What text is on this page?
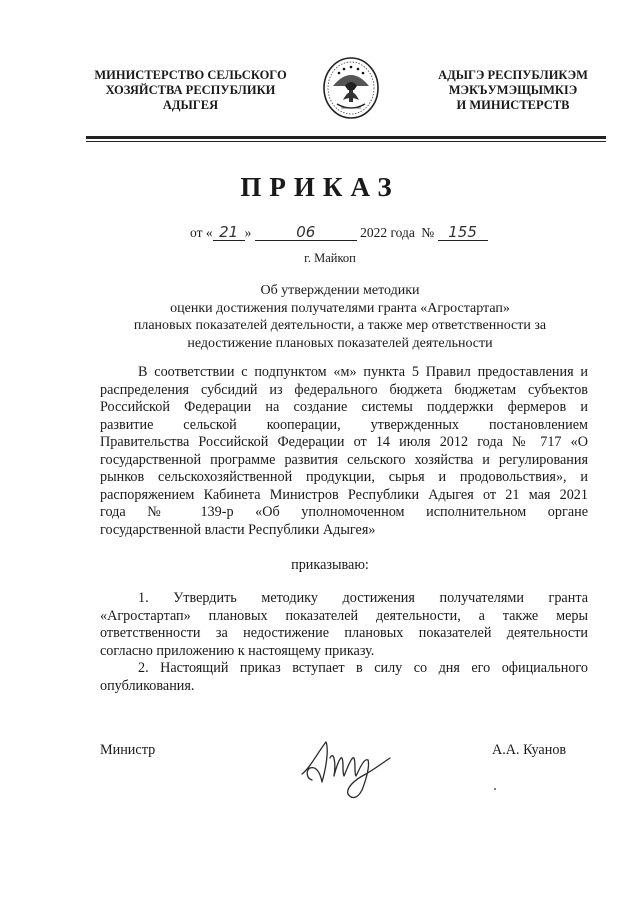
МИНИСТЕРСТВО СЕЛЬСКОГО
ХОЗЯЙСТВА РЕСПУБЛИКИ
АДЫГЕЯ
АДЫГЭ РЕСПУБЛИКЭМ
МЭКЪУМЭЩЫМКIЭ
И МИНИСТЕРСТВ
ПРИКАЗ
от « 21 »	06	2022 года № 155
г. Майкоп
Об утверждении методики
оценки достижения получателями гранта «Агростартап»
плановых показателей деятельности, а также мер ответственности за
недостижение плановых показателей деятельности
В соответствии с подпунктом «м» пункта 5 Правил предоставления и
распределения субсидий из федерального бюджета бюджетам субъектов
Российской Федерации на создание системы поддержки фермеров и
развитие сельской кооперации, утвержденных постановлением
Правительства Российской Федерации от 14 июля 2012 года № 717 «О
государственной программе развития сельского хозяйства и регулирования
рынков сельскохозяйственной продукции, сырья и продовольствия», и
распоряжением Кабинета Министров Республики Адыгея от 21 мая 2021
года № 139-р «Об уполномоченном исполнительном органе
государственной власти Республики Адыгея»
приказываю:
1. Утвердить методику достижения получателями гранта
«Агростартап» плановых показателей деятельности, а также меры
ответственности за недостижение плановых показателей деятельности
согласно приложению к настоящему приказу.
2. Настоящий приказ вступает в силу со дня его официального
опубликования.
Министр	А.А. Куанов
